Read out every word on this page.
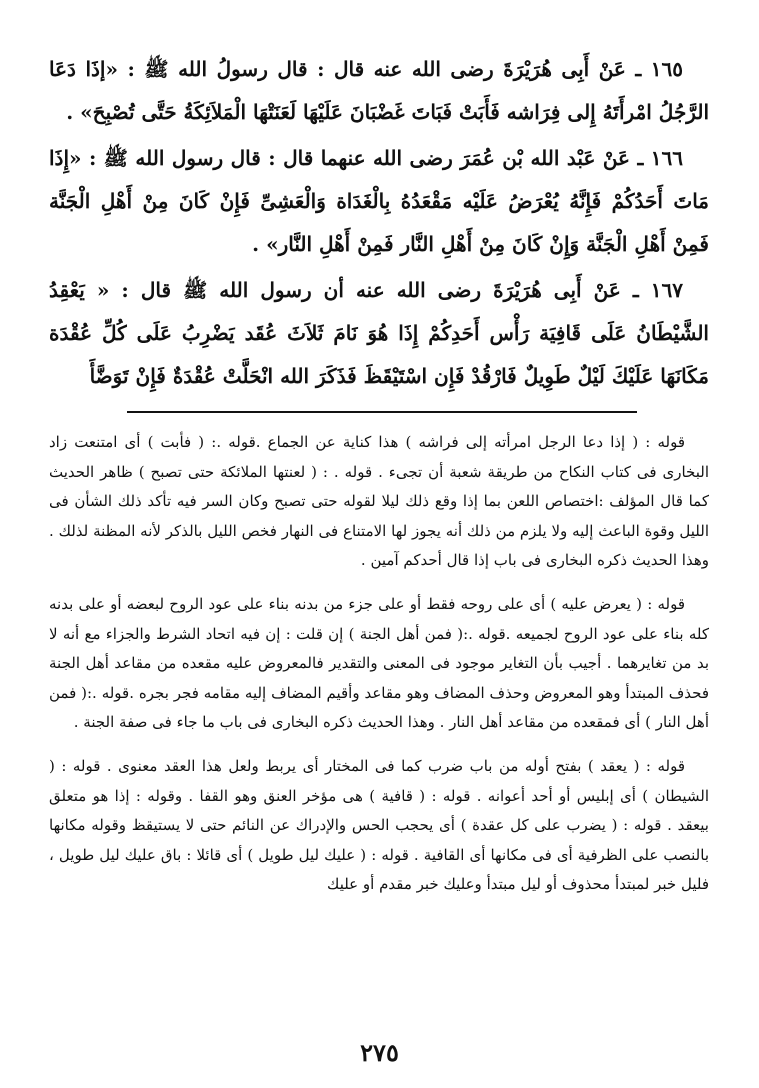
١٦٥ ـ عَنْ أَبِى هُرَيْرَةَ رضى الله عنه قال : قال رسولُ الله ﷺ : «إذَا دَعَا الرَّجُلُ امْرأَتَهُ إِلى فِرَاشه فَأَبَتْ فَبَاتَ غَضْبَانَ عَلَيْهَا لَعَنَتْهَا الْمَلاَئِكَةُ حَتَّى تُصْبِحَ» .

١٦٦ ـ عَنْ عَبْد الله بْن عُمَرَ رضى الله عنهما قال : قال رسول الله ﷺ : «إِذَا مَاتَ أَحَدُكُمْ فَإِنَّهُ يُعْرَضُ عَلَيْه مَقْعَدُهُ بِالْغَدَاة وَالْعَشِىِّ فَإِنْ كَانَ مِنْ أَهْلِ الْجَنَّة فَمِنْ أَهْلِ الْجَنَّة وَإِنْ كَانَ مِنْ أَهْلِ النَّار فَمِنْ أَهْلِ النَّار» .

١٦٧ ـ عَنْ أَبِى هُرَيْرَةَ رضى الله عنه أن رسول الله ﷺ قال : « يَعْقِدُ الشَّيْطَانُ عَلَى قَافِيَة رَأْس أَحَدِكُمْ إِذَا هُوَ نَامَ ثَلاَثَ عُقَد يَضْرِبُ عَلَى كُلِّ عُقْدَة مَكَانَهَا عَلَيْكَ لَيْلٌ طَوِيلٌ فَارْقُدْ فَإِن اسْتَيْقَظَ فَذَكَرَ الله انْحَلَّتْ عُقْدَةٌ فَإِنْ تَوَضَّأَ

قوله : ( إذا دعا الرجل امرأته إلى فراشه ) هذا كناية عن الجماع .قوله .: ( فأبت ) أى امتنعت زاد البخارى فى كتاب النكاح من طريقة شعبة أن تجىء . قوله . : ( لعنتها الملائكة حتى تصبح ) ظاهر الحديث كما قال المؤلف :اختصاص اللعن بما إذا وقع ذلك ليلا لقوله حتى تصبح وكان السر فيه تأكد ذلك الشأن فى الليل وقوة الباعث إليه ولا يلزم من ذلك أنه يجوز لها الامتناع فى النهار فخص الليل بالذكر لأنه المظنة لذلك . وهذا الحديث ذكره البخارى فى باب إذا قال أحدكم آمين .

قوله : ( يعرض عليه ) أى على روحه فقط أو على جزء من بدنه بناء على عود الروح لبعضه أو على بدنه كله بناء على عود الروح لجميعه .قوله .:( فمن أهل الجنة ) إن قلت : إن فيه اتحاد الشرط والجزاء مع أنه لا بد من تغايرهما . أجيب بأن التغاير موجود فى المعنى والتقدير فالمعروض عليه مقعده من مقاعد أهل الجنة فحذف المبتدأ وهو المعروض وحذف المضاف وهو مقاعد وأقيم المضاف إليه مقامه فجر بجره .قوله .:( فمن أهل النار ) أى فمقعده من مقاعد أهل النار . وهذا الحديث ذكره البخارى فى باب ما جاء فى صفة الجنة .

قوله : ( يعقد ) بفتح أوله من باب ضرب كما فى المختار أى يربط ولعل هذا العقد معنوى . قوله : ( الشيطان ) أى إبليس أو أحد أعوانه . قوله : ( قافية ) هى مؤخر العنق وهو القفا . وقوله : إذا هو متعلق بيعقد . قوله : ( يضرب على كل عقدة ) أى يحجب الحس والإدراك عن النائم حتى لا يستيقظ وقوله مكانها بالنصب على الظرفية أى فى مكانها أى القافية . قوله : ( عليك ليل طويل ) أى قائلا : باق عليك ليل طويل ، فليل خبر لمبتدأ محذوف أو ليل مبتدأ وعليك خبر مقدم أو عليك

٢٧٥
